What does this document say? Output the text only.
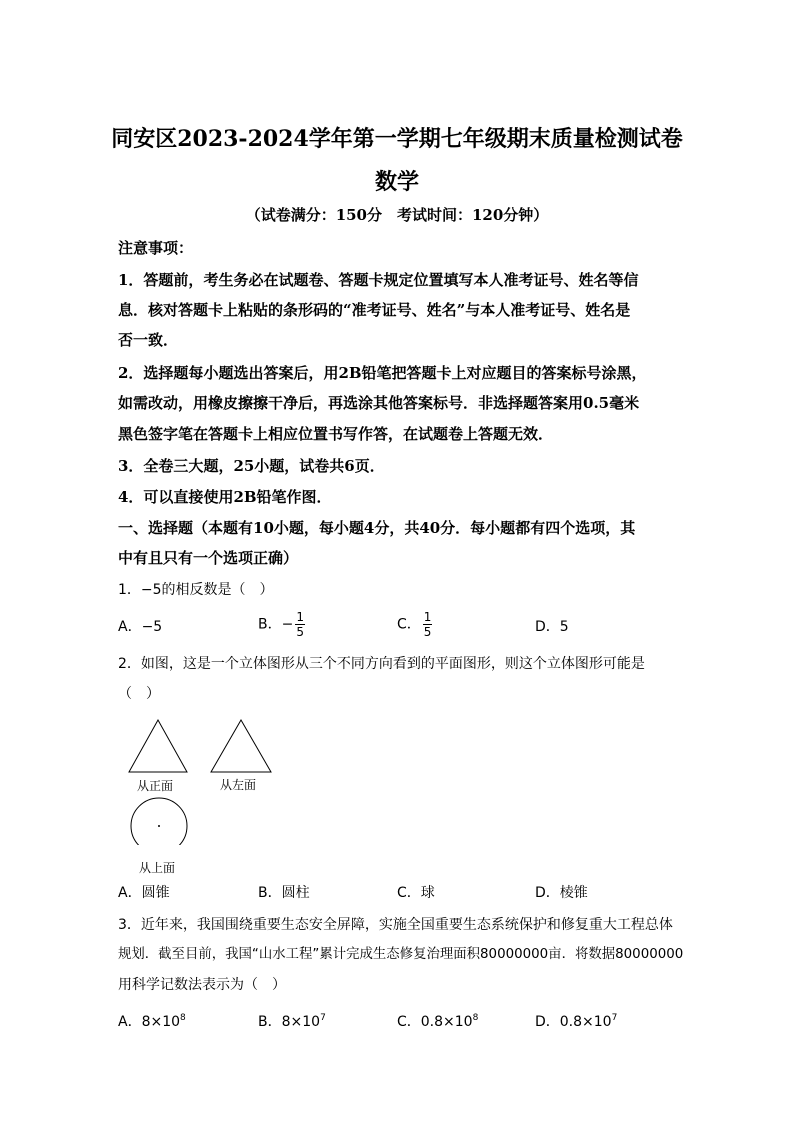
同安区2023-2024学年第一学期七年级期末质量检测试卷
数学
（试卷满分：150分　考试时间：120分钟）
注意事项：
1．答题前，考生务必在试题卷、答题卡规定位置填写本人准考证号、姓名等信
息．核对答题卡上粘贴的条形码的“准考证号、姓名”与本人准考证号、姓名是
否一致．
2．选择题每小题选出答案后，用2B铅笔把答题卡上对应题目的答案标号涂黑，
如需改动，用橡皮擦擦干净后，再选涂其他答案标号．非选择题答案用0.5毫米
黑色签字笔在答题卡上相应位置书写作答，在试题卷上答题无效．
3．全卷三大题，25小题，试卷共6页．
4．可以直接使用2B铅笔作图．
一、选择题（本题有10小题，每小题4分，共40分．每小题都有四个选项，其
中有且只有一个选项正确）
1．−5的相反数是（　）
A．−5	B．− $\frac{1}{5}$	C． $\frac{1}{5}$	D．5
2．如图，这是一个立体图形从三个不同方向看到的平面图形，则这个立体图形可能是
（　）
从正面	从左面
从上面
A．圆锥	B．圆柱	C．球	D．棱锥
3．近年来，我国围绕重要生态安全屏障，实施全国重要生态系统保护和修复重大工程总体
规划．截至目前，我国“山水工程”累计完成生态修复治理面积80000000亩．将数据80000000
用科学记数法表示为（　）
A．$8\times 10^8$	B．$8\times 10^7$	C．$0.8\times 10^8$	D．$0.8\times 10^7$
